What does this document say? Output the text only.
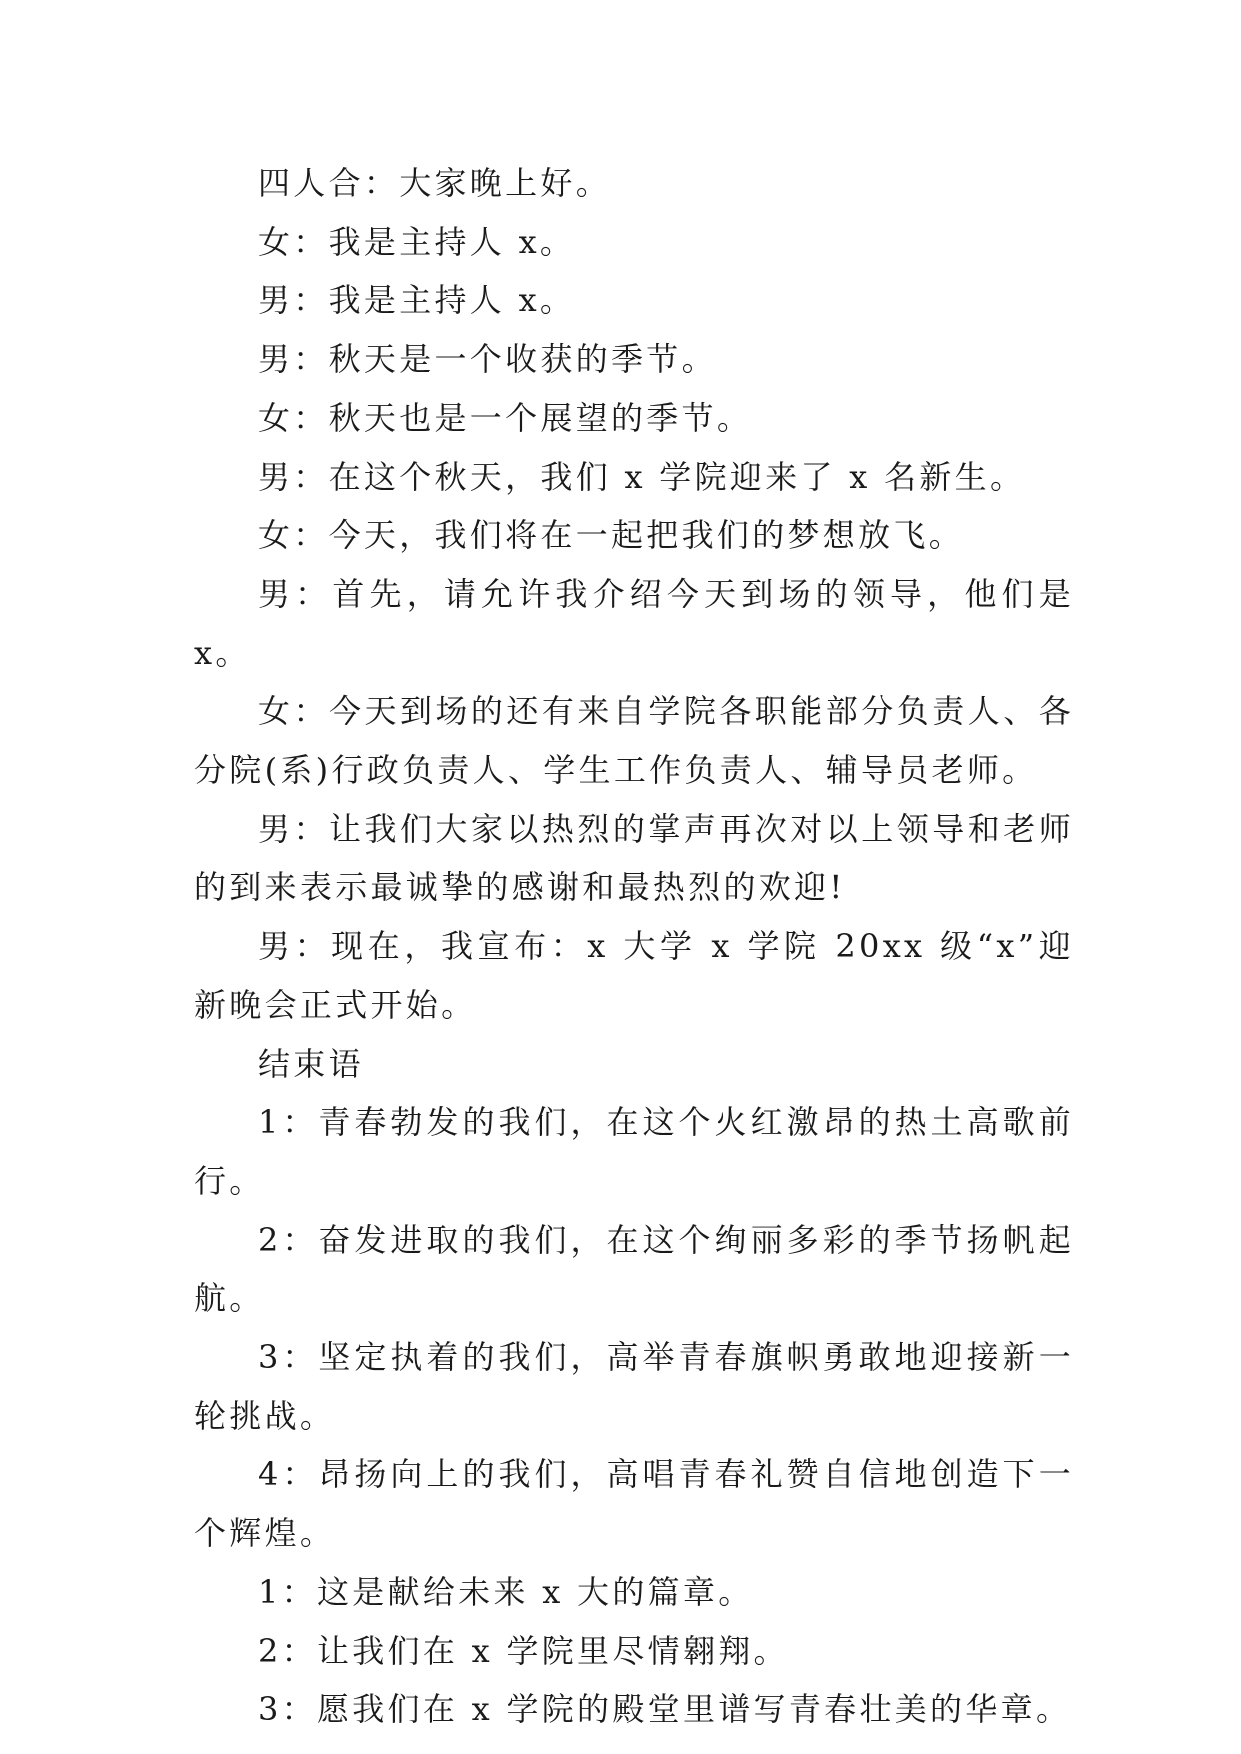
四人合：大家晚上好。

女：我是主持人 x。

男：我是主持人 x。

男：秋天是一个收获的季节。

女：秋天也是一个展望的季节。

男：在这个秋天，我们 x 学院迎来了 x 名新生。

女：今天，我们将在一起把我们的梦想放飞。

男：首先，请允许我介绍今天到场的领导，他们是 x。

女：今天到场的还有来自学院各职能部分负责人、各分院(系)行政负责人、学生工作负责人、辅导员老师。

男：让我们大家以热烈的掌声再次对以上领导和老师的到来表示最诚挚的感谢和最热烈的欢迎!

男：现在，我宣布：x 大学 x 学院 20xx 级“x”迎新晚会正式开始。

结束语

1：青春勃发的我们，在这个火红激昂的热土高歌前行。

2：奋发进取的我们，在这个绚丽多彩的季节扬帆起航。

3：坚定执着的我们，高举青春旗帜勇敢地迎接新一轮挑战。

4：昂扬向上的我们，高唱青春礼赞自信地创造下一个辉煌。

1：这是献给未来 x 大的篇章。

2：让我们在 x 学院里尽情翱翔。

3：愿我们在 x 学院的殿堂里谱写青春壮美的华章。
